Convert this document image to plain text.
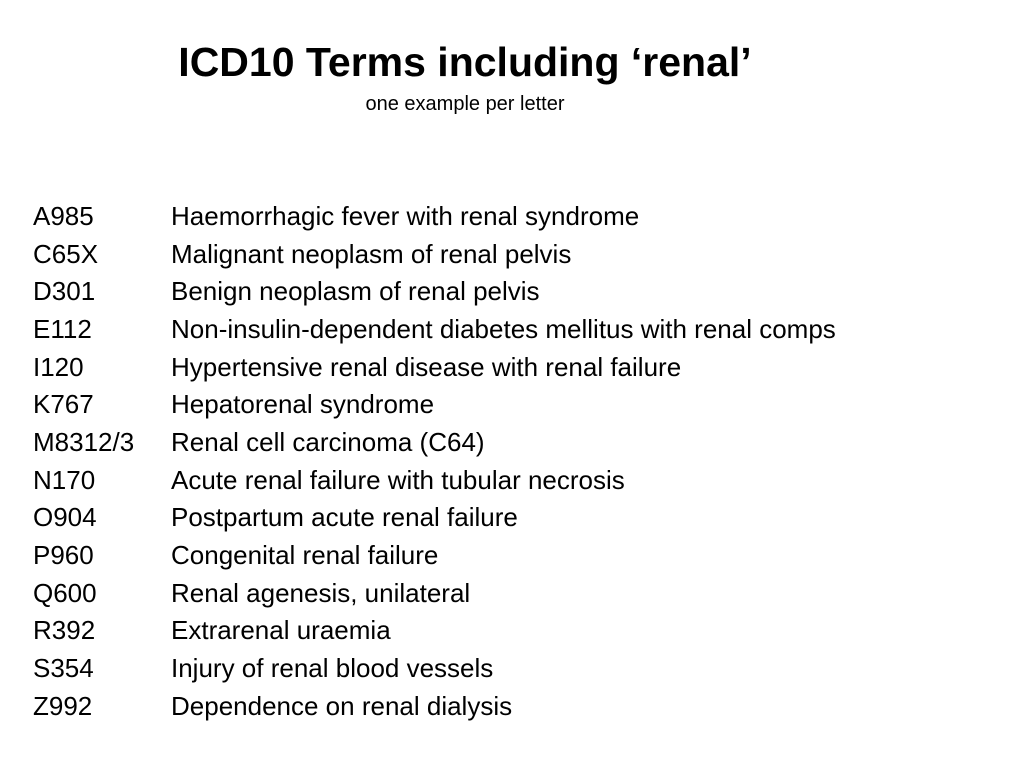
ICD10 Terms including ‘renal’

one example per letter

A985	Haemorrhagic fever with renal syndrome
C65X	Malignant neoplasm of renal pelvis
D301	Benign neoplasm of renal pelvis
E112	Non-insulin-dependent diabetes mellitus with renal comps
I120	Hypertensive renal disease with renal failure
K767	Hepatorenal syndrome
M8312/3	Renal cell carcinoma (C64)
N170	Acute renal failure with tubular necrosis
O904	Postpartum acute renal failure
P960	Congenital renal failure
Q600	Renal agenesis, unilateral
R392	Extrarenal uraemia
S354	Injury of renal blood vessels
Z992	Dependence on renal dialysis
